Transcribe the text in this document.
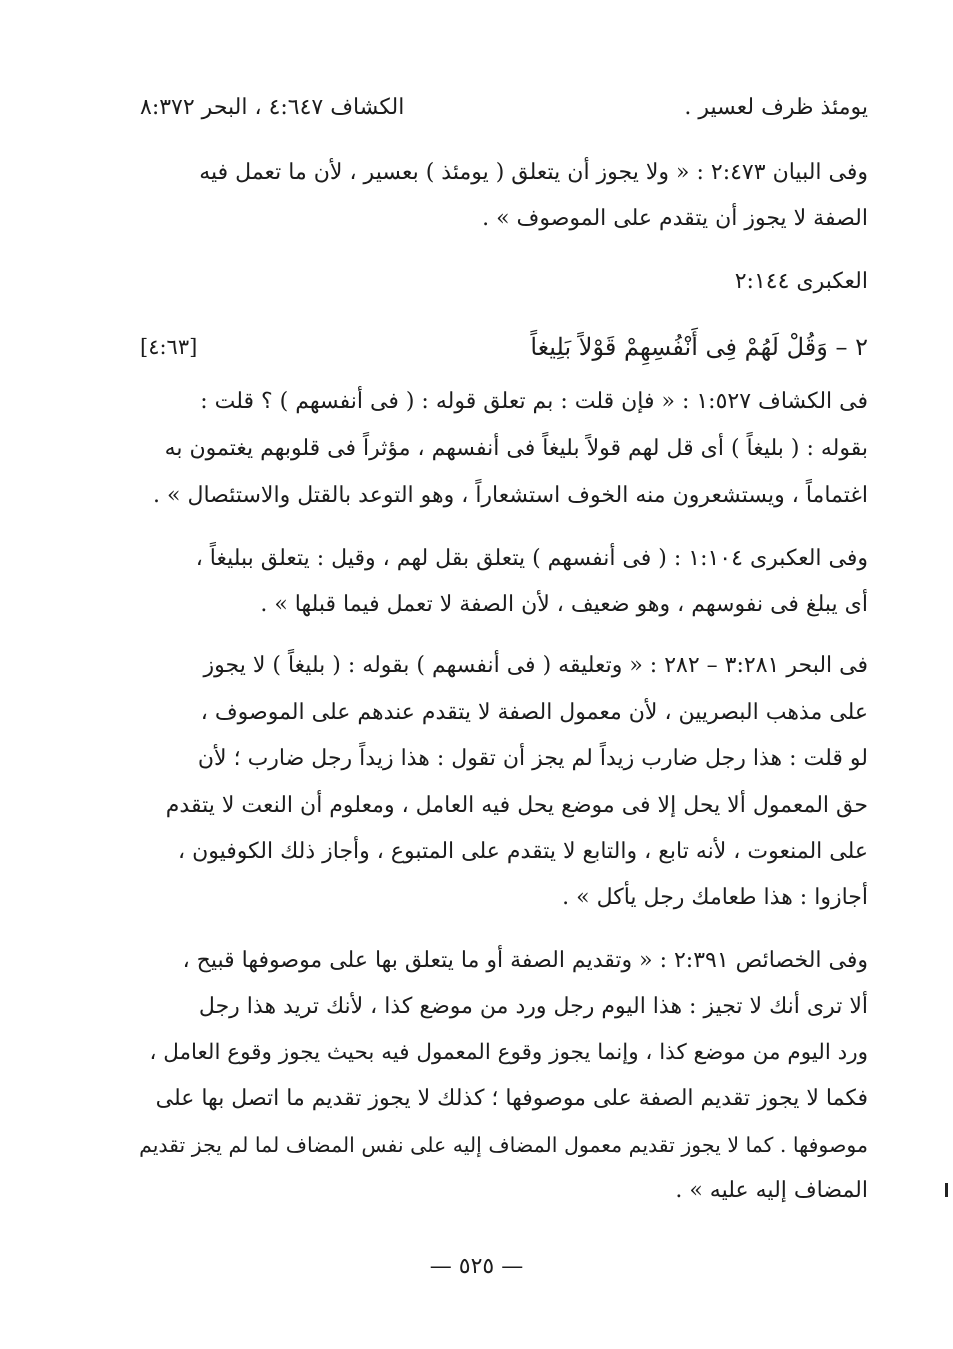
يومئذ ظرف لعسير .
الكشاف ٤:٦٤٧ ، البحر ٨:٣٧٢
وفى البيان ٢:٤٧٣ : « ولا يجوز أن يتعلق ( يومئذ ) بعسير ، لأن ما تعمل فيه
الصفة لا يجوز أن يتقدم على الموصوف » .
العكبرى ٢:١٤٤
٢ – وَقُلْ لَهُمْ فِى أَنْفُسِهِمْ قَوْلاً بَلِيغاً
[٤:٦٣]
فى الكشاف ١:٥٢٧ : « فإن قلت : بم تعلق قوله : ( فى أنفسهم ) ؟ قلت :
بقوله : ( بليغاً ) أى قل لهم قولاً بليغاً فى أنفسهم ، مؤثراً فى قلوبهم يغتمون به
اغتماماً ، ويستشعرون منه الخوف استشعاراً ، وهو التوعد بالقتل والاستئصال » .
وفى العكبرى ١:١٠٤ : ( فى أنفسهم ) يتعلق بقل لهم ، وقيل : يتعلق ببليغاً ،
أى يبلغ فى نفوسهم ، وهو ضعيف ، لأن الصفة لا تعمل فيما قبلها » .
فى البحر ٣:٢٨١ – ٢٨٢ : « وتعليقه ( فى أنفسهم ) بقوله : ( بليغاً ) لا يجوز
على مذهب البصريين ، لأن معمول الصفة لا يتقدم عندهم على الموصوف ،
لو قلت : هذا رجل ضارب زيداً لم يجز أن تقول : هذا زيداً رجل ضارب ؛ لأن
حق المعمول ألا يحل إلا فى موضع يحل فيه العامل ، ومعلوم أن النعت لا يتقدم
على المنعوت ، لأنه تابع ، والتابع لا يتقدم على المتبوع ، وأجاز ذلك الكوفيون ،
أجازوا : هذا طعامك رجل يأكل » .
وفى الخصائص ٢:٣٩١ : « وتقديم الصفة أو ما يتعلق بها على موصوفها قبيح ،
ألا ترى أنك لا تجيز : هذا اليوم رجل ورد من موضع كذا ، لأنك تريد هذا رجل
ورد اليوم من موضع كذا ، وإنما يجوز وقوع المعمول فيه بحيث يجوز وقوع العامل ،
فكما لا يجوز تقديم الصفة على موصوفها ؛ كذلك لا يجوز تقديم ما اتصل بها على
موصوفها . كما لا يجوز تقديم معمول المضاف إليه على نفس المضاف لما لم يجز تقديم
المضاف إليه عليه » .
— ٥٢٥ —
